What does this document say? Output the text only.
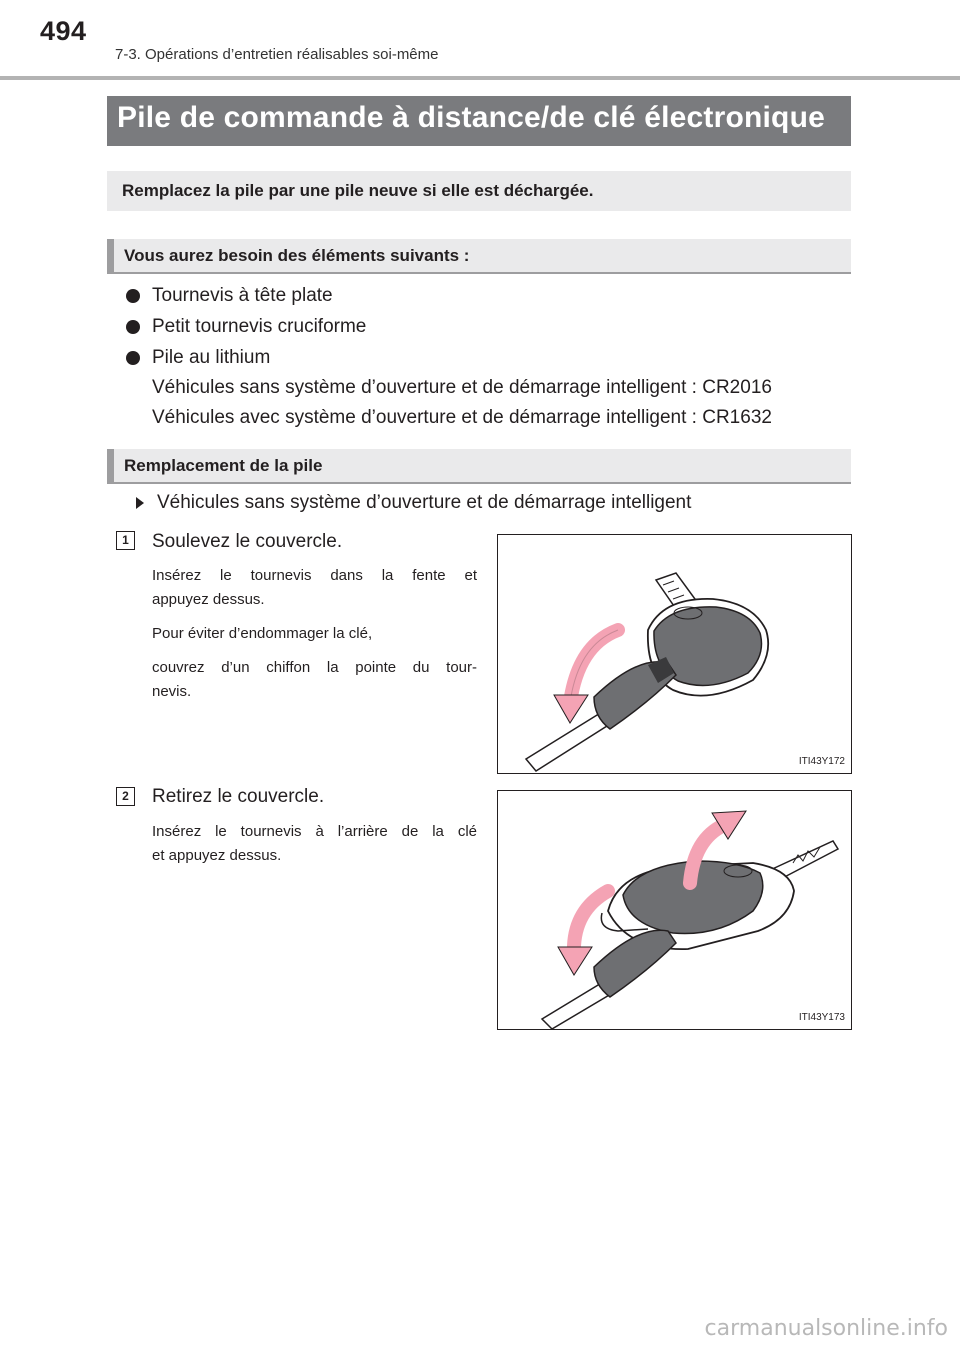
494
7-3. Opérations d’entretien réalisables soi-même
Pile de commande à distance/de clé électronique
Remplacez la pile par une pile neuve si elle est déchargée.
Vous aurez besoin des éléments suivants :
Tournevis à tête plate
Petit tournevis cruciforme
Pile au lithium
Véhicules sans système d’ouverture et de démarrage intelligent : CR2016
Véhicules avec système d’ouverture et de démarrage intelligent : CR1632
Remplacement de la pile
Véhicules sans système d’ouverture et de démarrage intelligent
1	Soulevez le couvercle.
Insérez le tournevis dans la fente et
appuyez dessus.
Pour éviter d’endommager la clé,
couvrez d’un chiffon la pointe du tour-
nevis.
ITI43Y172
2	Retirez le couvercle.
Insérez le tournevis à l’arrière de la clé
et appuyez dessus.
ITI43Y173
carmanualsonline.info
